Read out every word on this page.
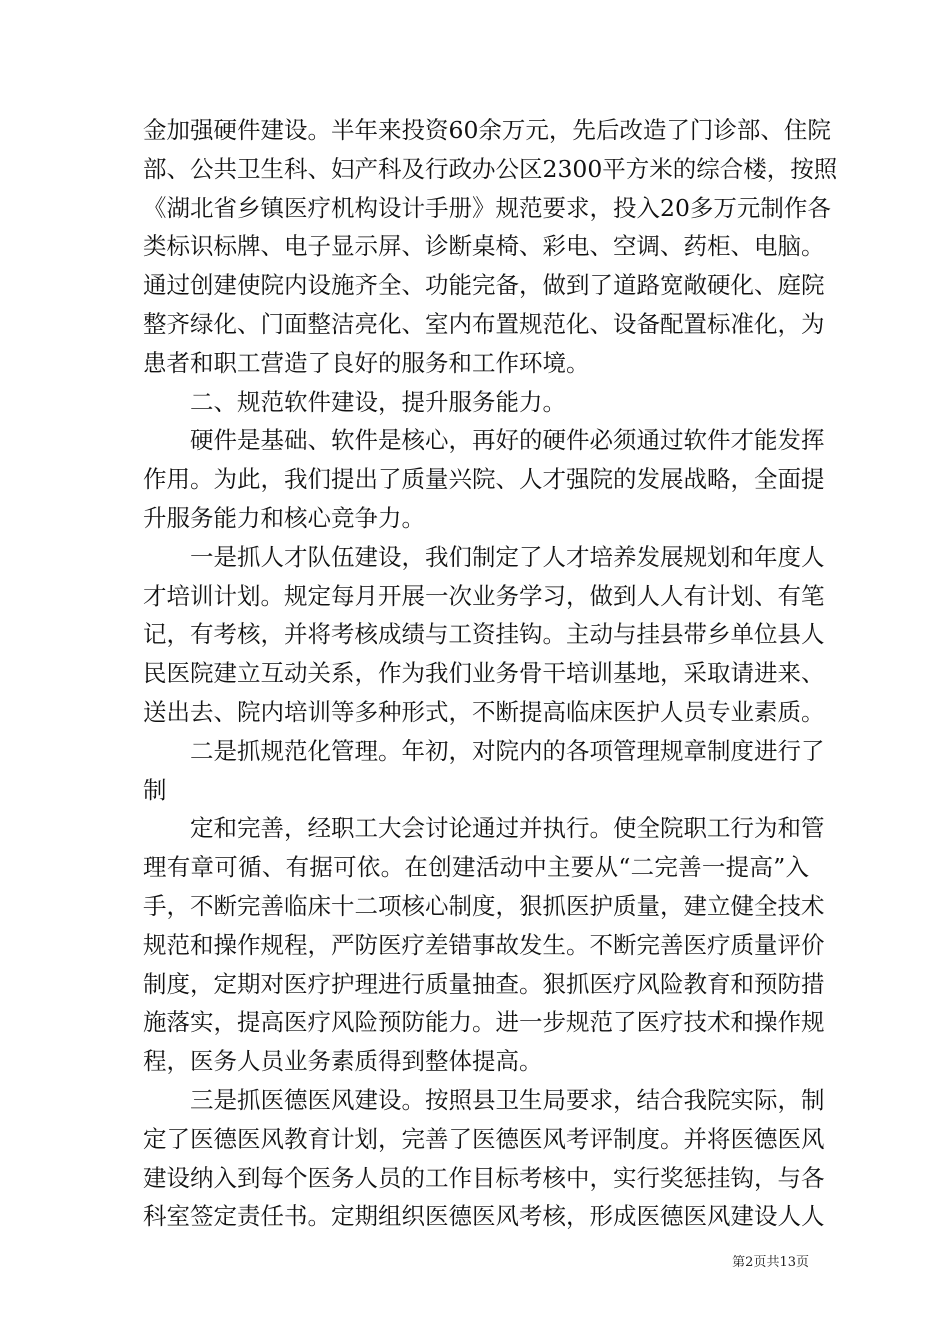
金加强硬件建设。半年来投资60余万元，先后改造了门诊部、住院
部、公共卫生科、妇产科及行政办公区2300平方米的综合楼，按照
《湖北省乡镇医疗机构设计手册》规范要求，投入20多万元制作各
类标识标牌、电子显示屏、诊断桌椅、彩电、空调、药柜、电脑。
通过创建使院内设施齐全、功能完备，做到了道路宽敞硬化、庭院
整齐绿化、门面整洁亮化、室内布置规范化、设备配置标准化，为
患者和职工营造了良好的服务和工作环境。
二、规范软件建设，提升服务能力。
硬件是基础、软件是核心，再好的硬件必须通过软件才能发挥
作用。为此，我们提出了质量兴院、人才强院的发展战略，全面提
升服务能力和核心竞争力。
一是抓人才队伍建设，我们制定了人才培养发展规划和年度人
才培训计划。规定每月开展一次业务学习，做到人人有计划、有笔
记，有考核，并将考核成绩与工资挂钩。主动与挂县带乡单位县人
民医院建立互动关系，作为我们业务骨干培训基地，采取请进来、
送出去、院内培训等多种形式，不断提高临床医护人员专业素质。
二是抓规范化管理。年初，对院内的各项管理规章制度进行了
制
定和完善，经职工大会讨论通过并执行。使全院职工行为和管
理有章可循、有据可依。在创建活动中主要从“二完善一提高”入
手，不断完善临床十二项核心制度，狠抓医护质量，建立健全技术
规范和操作规程，严防医疗差错事故发生。不断完善医疗质量评价
制度，定期对医疗护理进行质量抽查。狠抓医疗风险教育和预防措
施落实，提高医疗风险预防能力。进一步规范了医疗技术和操作规
程，医务人员业务素质得到整体提高。
三是抓医德医风建设。按照县卫生局要求，结合我院实际，制
定了医德医风教育计划，完善了医德医风考评制度。并将医德医风
建设纳入到每个医务人员的工作目标考核中，实行奖惩挂钩，与各
科室签定责任书。定期组织医德医风考核，形成医德医风建设人人
第2页共13页
